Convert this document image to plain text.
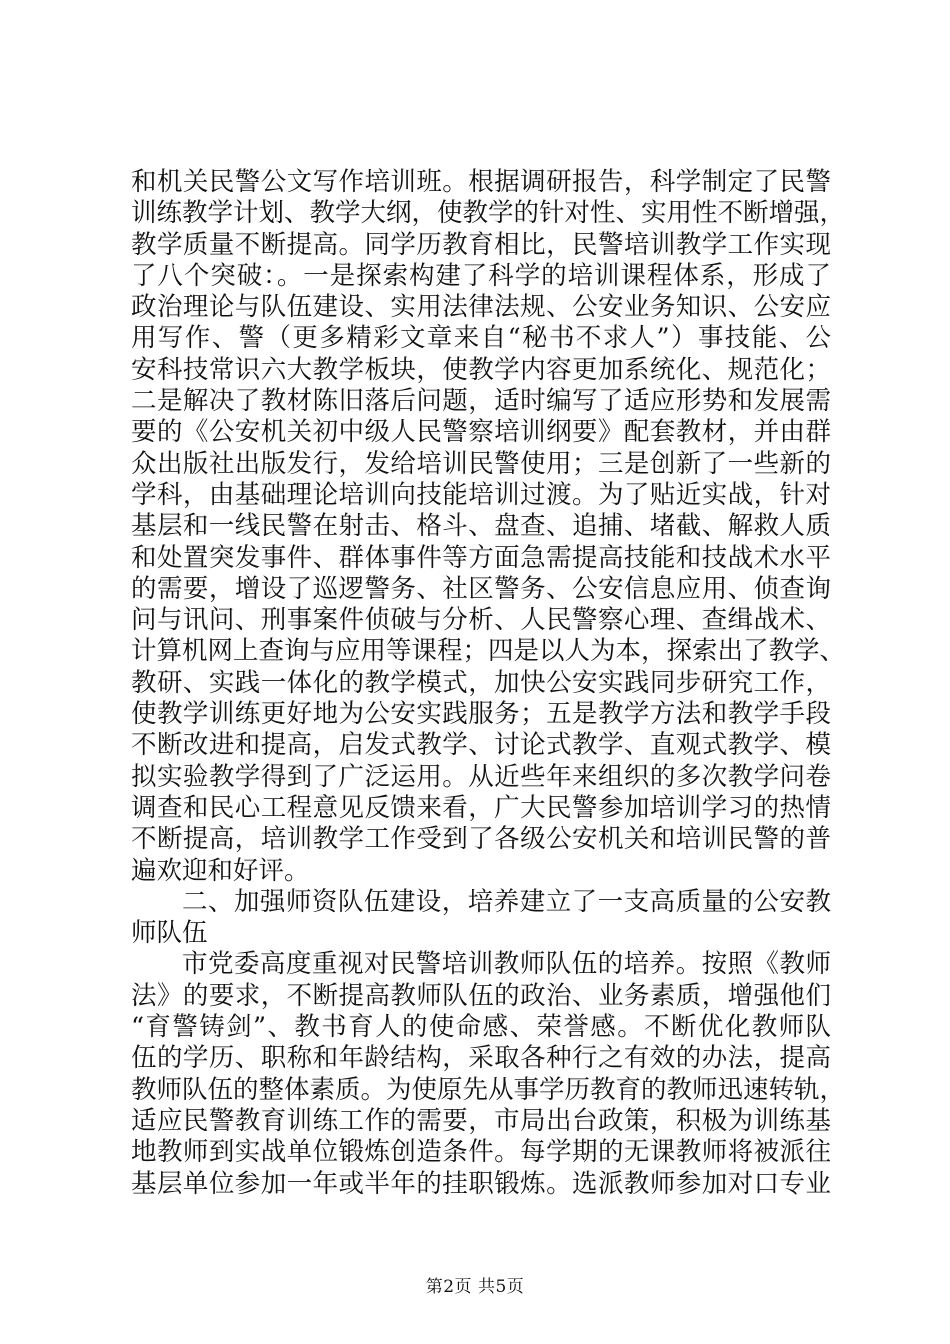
和机关民警公文写作培训班。根据调研报告，科学制定了民警
训练教学计划、教学大纲，使教学的针对性、实用性不断增强，
教学质量不断提高。同学历教育相比，民警培训教学工作实现
了八个突破：。一是探索构建了科学的培训课程体系，形成了
政治理论与队伍建设、实用法律法规、公安业务知识、公安应
用写作、警（更多精彩文章来自“秘书不求人”）事技能、公
安科技常识六大教学板块，使教学内容更加系统化、规范化；
二是解决了教材陈旧落后问题，适时编写了适应形势和发展需
要的《公安机关初中级人民警察培训纲要》配套教材，并由群
众出版社出版发行，发给培训民警使用；三是创新了一些新的
学科，由基础理论培训向技能培训过渡。为了贴近实战，针对
基层和一线民警在射击、格斗、盘查、追捕、堵截、解救人质
和处置突发事件、群体事件等方面急需提高技能和技战术水平
的需要，增设了巡逻警务、社区警务、公安信息应用、侦查询
问与讯问、刑事案件侦破与分析、人民警察心理、查缉战术、
计算机网上查询与应用等课程；四是以人为本，探索出了教学、
教研、实践一体化的教学模式，加快公安实践同步研究工作，
使教学训练更好地为公安实践服务；五是教学方法和教学手段
不断改进和提高，启发式教学、讨论式教学、直观式教学、模
拟实验教学得到了广泛运用。从近些年来组织的多次教学问卷
调查和民心工程意见反馈来看，广大民警参加培训学习的热情
不断提高，培训教学工作受到了各级公安机关和培训民警的普
遍欢迎和好评。
二、加强师资队伍建设，培养建立了一支高质量的公安教
师队伍
市党委高度重视对民警培训教师队伍的培养。按照《教师
法》的要求，不断提高教师队伍的政治、业务素质，增强他们
“育警铸剑”、教书育人的使命感、荣誉感。不断优化教师队
伍的学历、职称和年龄结构，采取各种行之有效的办法，提高
教师队伍的整体素质。为使原先从事学历教育的教师迅速转轨，
适应民警教育训练工作的需要，市局出台政策，积极为训练基
地教师到实战单位锻炼创造条件。每学期的无课教师将被派往
基层单位参加一年或半年的挂职锻炼。选派教师参加对口专业
第2页 共5页
